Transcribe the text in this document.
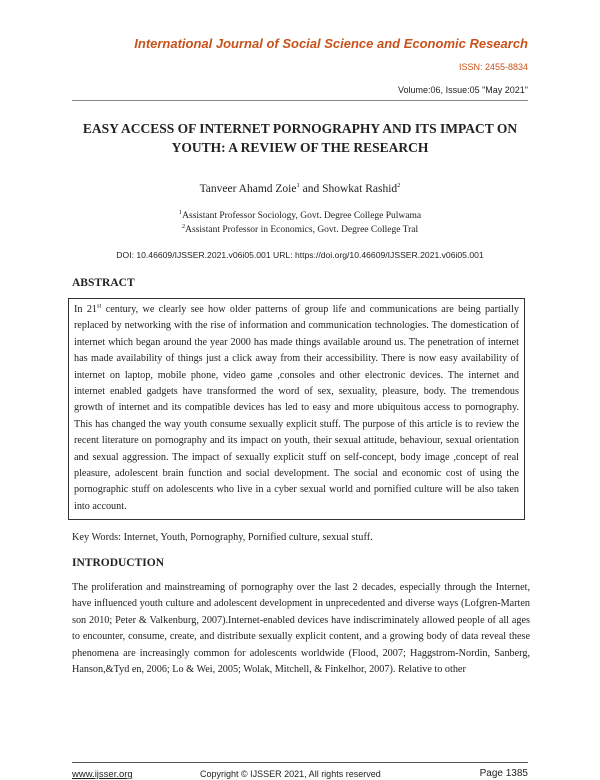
International Journal of Social Science and Economic Research
ISSN: 2455-8834
Volume:06, Issue:05 "May 2021"
EASY ACCESS OF INTERNET PORNOGRAPHY AND ITS IMPACT ON
YOUTH: A REVIEW OF THE RESEARCH
Tanveer Ahamd Zoie$^1$ and Showkat Rashid$^2$
$^1$Assistant Professor Sociology, Govt. Degree College Pulwama
$^2$Assistant Professor in Economics, Govt. Degree College Tral
DOI: 10.46609/IJSSER.2021.v06i05.001 URL: https://doi.org/10.46609/IJSSER.2021.v06i05.001
ABSTRACT

In 21st century, we clearly see how older patterns of group life and communications are being partially replaced by networking with the rise of information and communication technologies. The domestication of internet which began around the year 2000 has made things available around us. The penetration of internet has made availability of things just a click away from their accessibility. There is now easy availability of internet on laptop, mobile phone, video game ,consoles and other electronic devices. The internet and internet enabled gadgets have transformed the word of sex, sexuality, pleasure, body. The tremendous growth of internet and its compatible devices has led to easy and more ubiquitous access to pornography. This has changed the way youth consume sexually explicit stuff. The purpose of this article is to review the recent literature on pornography and its impact on youth, their sexual attitude, behaviour, sexual orientation and sexual aggression. The impact of sexually explicit stuff on self-concept, body image ,concept of real pleasure, adolescent brain function and social development. The social and economic cost of using the pornographic stuff on adolescents who live in a cyber sexual world and pornified culture will be also taken into account.

Key Words: Internet, Youth, Pornography, Pornified culture, sexual stuff.
INTRODUCTION

The proliferation and mainstreaming of pornography over the last 2 decades, especially through the Internet, have influenced youth culture and adolescent development in unprecedented and diverse ways (Lofgren-Marten son 2010; Peter & Valkenburg, 2007).Internet-enabled devices have indiscriminately allowed people of all ages to encounter, consume, create, and distribute sexually explicit content, and a growing body of data reveal these phenomena are increasingly common for adolescents worldwide (Flood, 2007; Haggstrom-Nordin, Sanberg, Hanson,&Tyd en, 2006; Lo & Wei, 2005; Wolak, Mitchell, & Finkelhor, 2007). Relative to other

www.ijsser.org	Copyright © IJSSER 2021, All rights reserved	Page 1385
